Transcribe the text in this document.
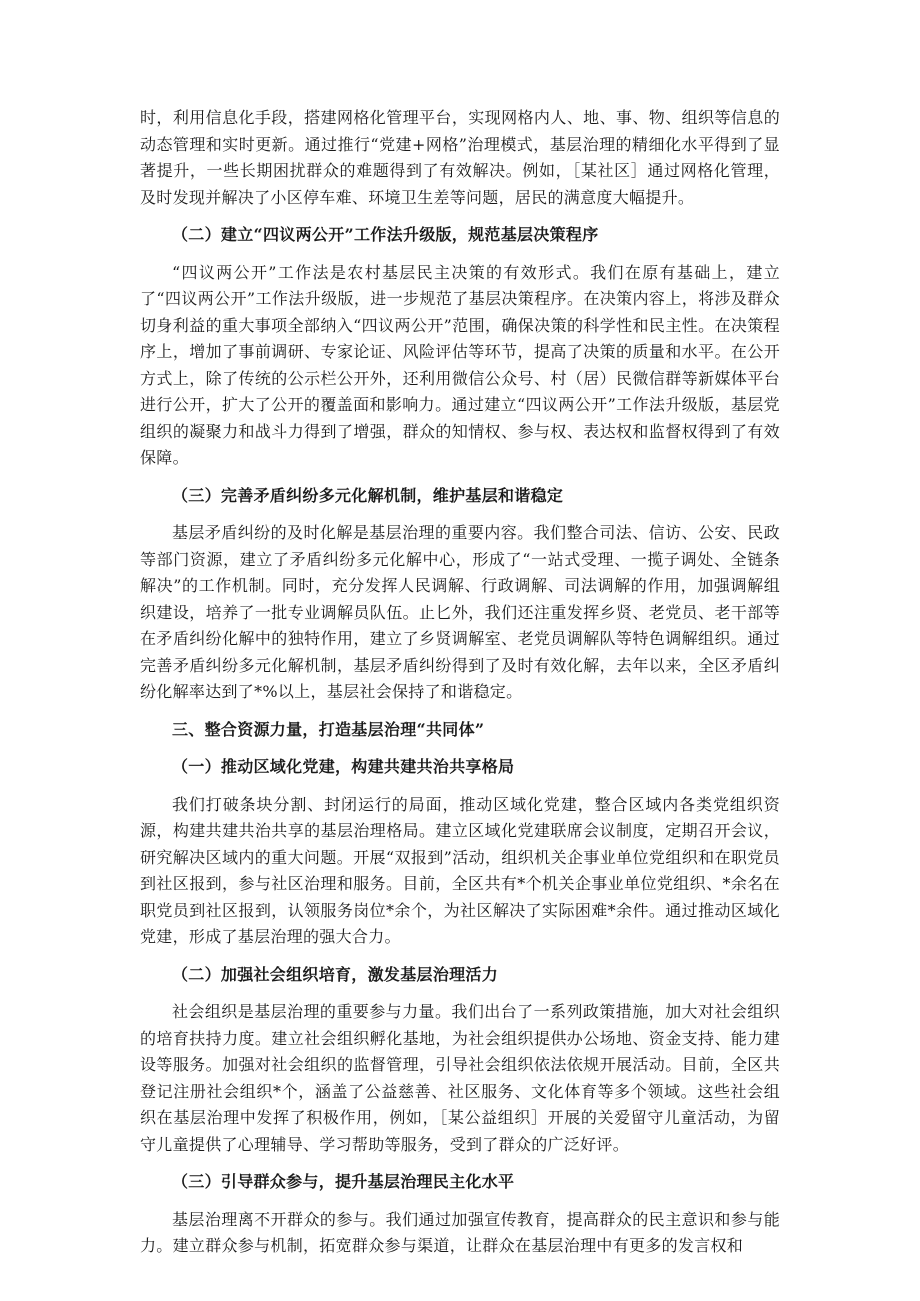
时，利用信息化手段，搭建网格化管理平台，实现网格内人、地、事、物、组织等信息的动态管理和实时更新。通过推行“党建+网格”治理模式，基层治理的精细化水平得到了显著提升，一些长期困扰群众的难题得到了有效解决。例如，［某社区］通过网格化管理，及时发现并解决了小区停车难、环境卫生差等问题，居民的满意度大幅提升。

（二）建立“四议两公开”工作法升级版，规范基层决策程序

“四议两公开”工作法是农村基层民主决策的有效形式。我们在原有基础上，建立了“四议两公开”工作法升级版，进一步规范了基层决策程序。在决策内容上，将涉及群众切身利益的重大事项全部纳入“四议两公开”范围，确保决策的科学性和民主性。在决策程序上，增加了事前调研、专家论证、风险评估等环节，提高了决策的质量和水平。在公开方式上，除了传统的公示栏公开外，还利用微信公众号、村（居）民微信群等新媒体平台进行公开，扩大了公开的覆盖面和影响力。通过建立“四议两公开”工作法升级版，基层党组织的凝聚力和战斗力得到了增强，群众的知情权、参与权、表达权和监督权得到了有效保障。

（三）完善矛盾纠纷多元化解机制，维护基层和谐稳定

基层矛盾纠纷的及时化解是基层治理的重要内容。我们整合司法、信访、公安、民政等部门资源，建立了矛盾纠纷多元化解中心，形成了“一站式受理、一揽子调处、全链条解决”的工作机制。同时，充分发挥人民调解、行政调解、司法调解的作用，加强调解组织建设，培养了一批专业调解员队伍。止匕外，我们还注重发挥乡贤、老党员、老干部等在矛盾纠纷化解中的独特作用，建立了乡贤调解室、老党员调解队等特色调解组织。通过完善矛盾纠纷多元化解机制，基层矛盾纠纷得到了及时有效化解，去年以来，全区矛盾纠纷化解率达到了*%以上，基层社会保持了和谐稳定。

三、整合资源力量，打造基层治理“共同体”

（一）推动区域化党建，构建共建共治共享格局

我们打破条块分割、封闭运行的局面，推动区域化党建，整合区域内各类党组织资源，构建共建共治共享的基层治理格局。建立区域化党建联席会议制度，定期召开会议，研究解决区域内的重大问题。开展“双报到”活动，组织机关企事业单位党组织和在职党员到社区报到，参与社区治理和服务。目前，全区共有*个机关企事业单位党组织、*余名在职党员到社区报到，认领服务岗位*余个，为社区解决了实际困难*余件。通过推动区域化党建，形成了基层治理的强大合力。

（二）加强社会组织培育，激发基层治理活力

社会组织是基层治理的重要参与力量。我们出台了一系列政策措施，加大对社会组织的培育扶持力度。建立社会组织孵化基地，为社会组织提供办公场地、资金支持、能力建设等服务。加强对社会组织的监督管理，引导社会组织依法依规开展活动。目前，全区共登记注册社会组织*个，涵盖了公益慈善、社区服务、文化体育等多个领域。这些社会组织在基层治理中发挥了积极作用，例如，［某公益组织］开展的关爱留守儿童活动，为留守儿童提供了心理辅导、学习帮助等服务，受到了群众的广泛好评。

（三）引导群众参与，提升基层治理民主化水平

基层治理离不开群众的参与。我们通过加强宣传教育，提高群众的民主意识和参与能力。建立群众参与机制，拓宽群众参与渠道，让群众在基层治理中有更多的发言权和
